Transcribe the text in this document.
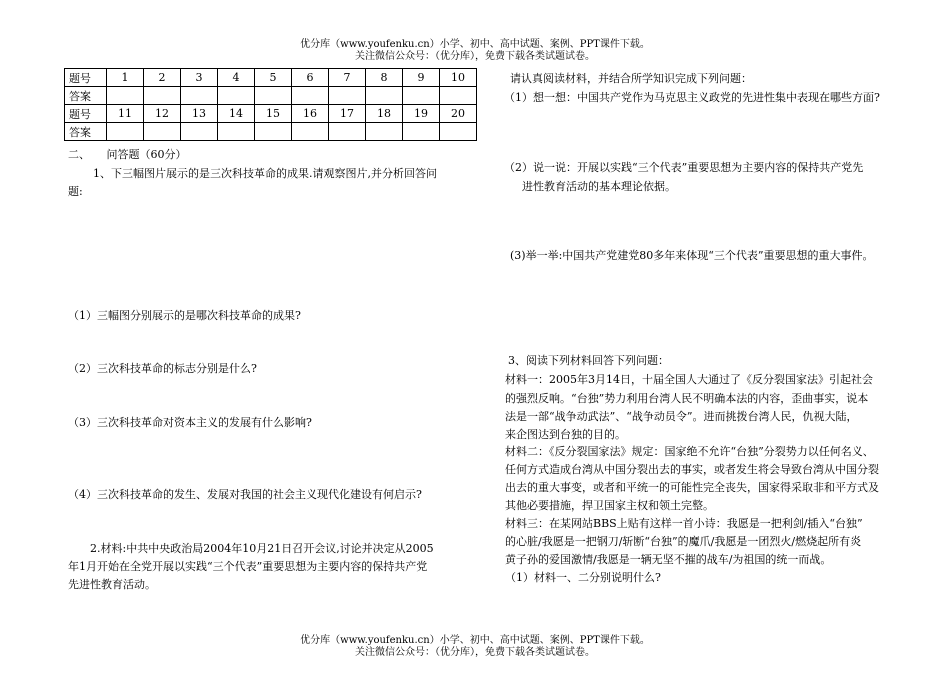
优分库（www.youfenku.cn）小学、初中、高中试题、案例、PPT课件下载。
关注微信公众号：（优分库），免费下载各类试题试卷。
题号	1	2	3	4	5	6	7	8	9	10
答案										
题号	11	12	13	14	15	16	17	18	19	20
答案										
二、　　问答题（60分）
1、下三幅图片展示的是三次科技革命的成果.请观察图片,并分析回答问
题:
（1）三幅图分别展示的是哪次科技革命的成果?
（2）三次科技革命的标志分别是什么?
（3）三次科技革命对资本主义的发展有什么影响?
（4）三次科技革命的发生、发展对我国的社会主义现代化建设有何启示?
2.材料:中共中央政治局2004年10月21日召开会议,讨论并决定从2005
年1月开始在全党开展以实践“三个代表”重要思想为主要内容的保持共产党
先进性教育活动。
请认真阅读材料，并结合所学知识完成下列问题：
（1）想一想：中国共产党作为马克思主义政党的先进性集中表现在哪些方面?
（2）说一说：开展以实践“三个代表”重要思想为主要内容的保持共产党先
进性教育活动的基本理论依据。
(3)举一举:中国共产党建党80多年来体现“三个代表”重要思想的重大事件。
3、阅读下列材料回答下列问题：
材料一：2005年3月14日，十届全国人大通过了《反分裂国家法》引起社会
的强烈反响。“台独”势力利用台湾人民不明确本法的内容，歪曲事实，说本
法是一部“战争动武法”、“战争动员令”。进而挑拨台湾人民，仇视大陆，
来企图达到台独的目的。
材料二：《反分裂国家法》规定：国家绝不允许“台独”分裂势力以任何名义、
任何方式造成台湾从中国分裂出去的事实，或者发生将会导致台湾从中国分裂
出去的重大事变，或者和平统一的可能性完全丧失，国家得采取非和平方式及
其他必要措施，捍卫国家主权和领土完整。
材料三：在某网站BBS上贴有这样一首小诗：我愿是一把利剑/插入“台独”
的心脏/我愿是一把钢刀/斩断“台独”的魔爪/我愿是一团烈火/燃烧起所有炎
黄子孙的爱国激情/我愿是一辆无坚不摧的战车/为祖国的统一而战。
（1）材料一、二分别说明什么?
优分库（www.youfenku.cn）小学、初中、高中试题、案例、PPT课件下载。
关注微信公众号：（优分库），免费下载各类试题试卷。
